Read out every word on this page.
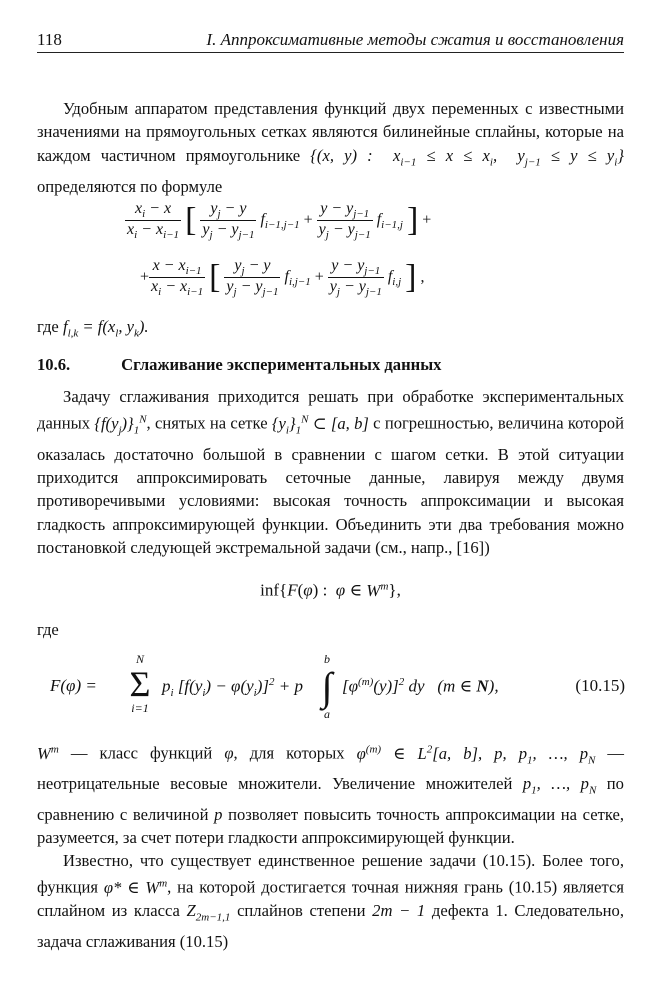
118	I. Аппроксимативные методы сжатия и восстановления
Удобным аппаратом представления функций двух переменных с известными значениями на прямоугольных сетках являются билинейные сплайны, которые на каждом частичном прямоугольнике {(x, y) :  $x_{i-1} \le x \le x_i$,  $y_{j-1} \le y \le y_i$} определяются по формуле
$\frac{x_i - x}{x_i - x_{i-1}}$ [ $\frac{y_j - y}{y_j - y_{j-1}} f_{i-1,j-1} + \frac{y - y_{j-1}}{y_j - y_{j-1}} f_{i-1,j}$ ] +
+ $\frac{x - x_{i-1}}{x_i - x_{i-1}}$ [ $\frac{y_j - y}{y_j - y_{j-1}} f_{i,j-1} + \frac{y - y_{j-1}}{y_j - y_{j-1}} f_{i,j}$ ] ,
где $f_{l,k} = f(x_l$, $y_k$).
10.6.	Сглаживание экспериментальных данных
Задачу сглаживания приходится решать при обработке экспериментальных данных $\{f(y_j)\}_1^N$, снятых на сетке $\{y_i\}_1^N$ ⊂ [a, b] с погрешностью, величина которой оказалась достаточно большой в сравнении с шагом сетки. В этой ситуации приходится аппроксимировать сеточные данные, лавируя между двумя противоречивыми условиями: высокая точность аппроксимации и высокая гладкость аппроксимирующей функции. Объединить эти два требования можно постановкой следующей экстремальной задачи (см., напр., [16])
inf{F(φ) :  φ ∈ $W^m$},
где
F(φ) =
N
Σ
i=1
$p_i$ $[f(y_i) - \varphi(y_i)]^2 + p$
b
∫
a
$[\varphi^{(m)}(y)]^2$ dy   (m ∈ N),	(10.15)
$W^m$ — класс функций φ, для которых $\varphi^{(m)}$ ∈ $L^2[a$, b], p, $p_1$, …, $p_N$ — неотрицательные весовые множители. Увеличение множителей $p_1$, …, $p_N$ по сравнению с величиной p позволяет повысить точность аппроксимации на сетке, разумеется, за счет потери гладкости аппроксимирующей функции.
Известно, что существует единственное решение задачи (10.15). Более того, функция φ* ∈ $W^m$, на которой достигается точная нижняя грань (10.15) является сплайном из класса $Z_{2m-1,1}$ сплайнов степени 2m − 1 дефекта 1. Следовательно, задача сглаживания (10.15)
